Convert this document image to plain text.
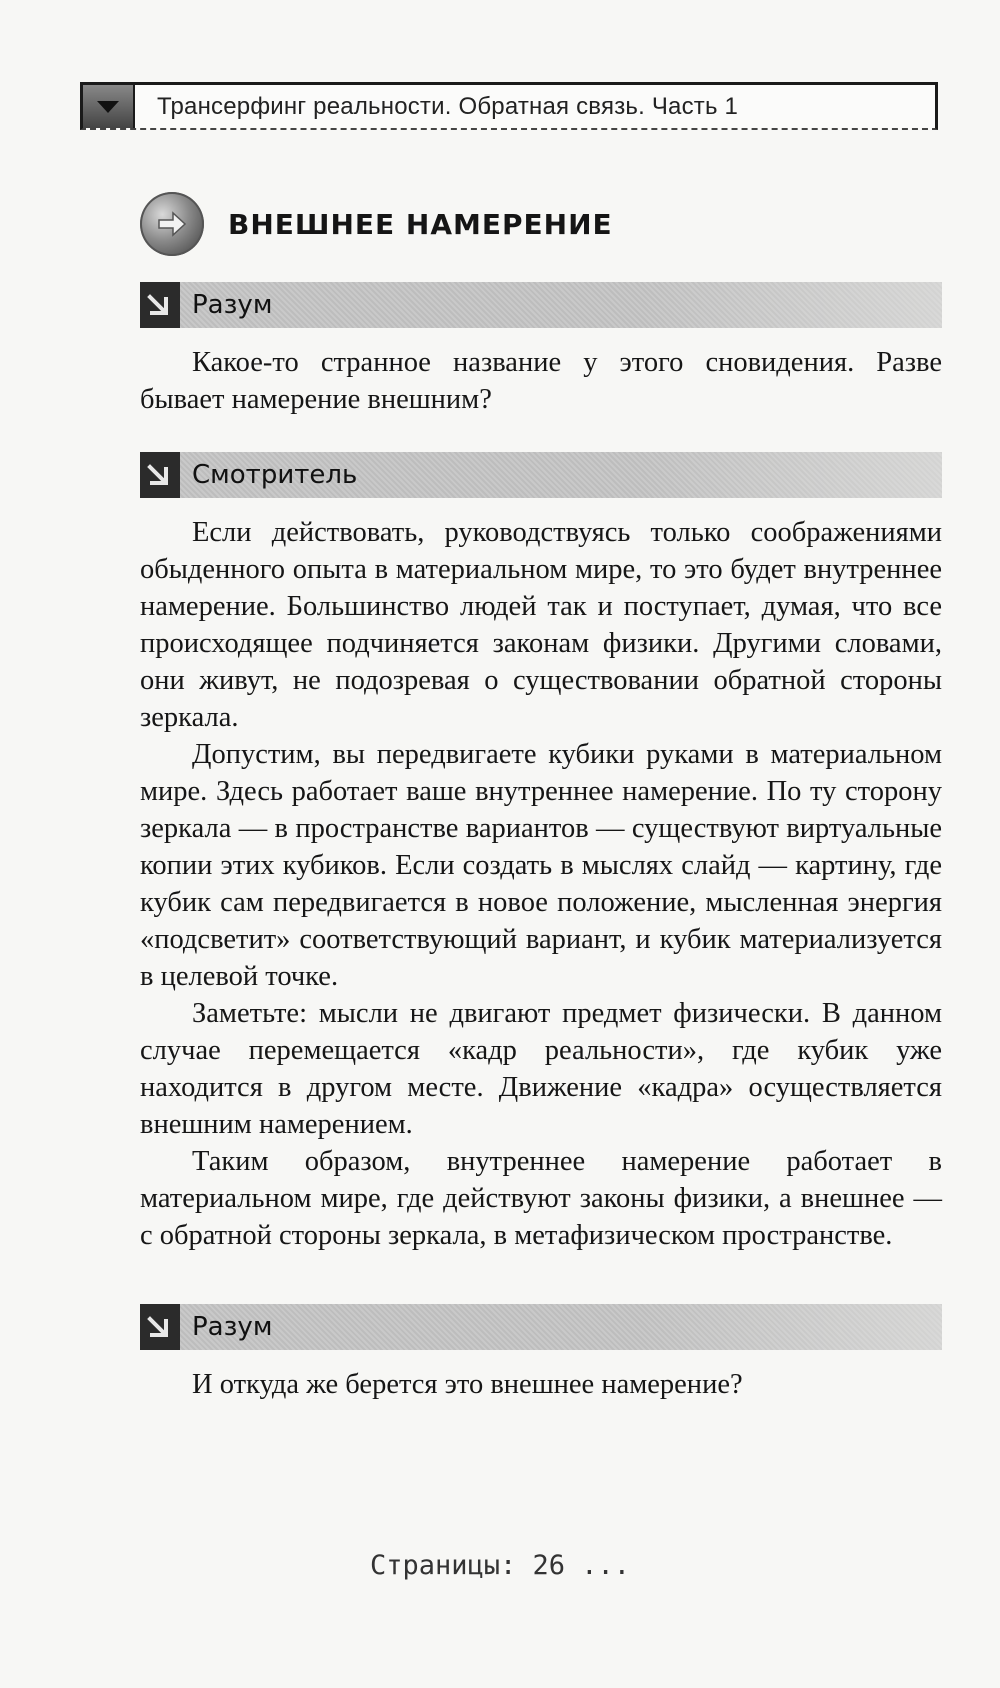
Трансерфинг реальности. Обратная связь. Часть 1
ВНЕШНЕЕ НАМЕРЕНИЕ
Разум

Какое-то странное название у этого сновидения. Разве бывает намерение внешним?

Смотритель

Если действовать, руководствуясь только соображениями обыденного опыта в материальном мире, то это будет внутреннее намерение. Большинство людей так и поступает, думая, что все происходящее подчиняется законам физики. Другими словами, они живут, не подозревая о существовании обратной стороны зеркала.

Допустим, вы передвигаете кубики руками в материальном мире. Здесь работает ваше внутреннее намерение. По ту сторону зеркала — в пространстве вариантов — существуют виртуальные копии этих кубиков. Если создать в мыслях слайд — картину, где кубик сам передвигается в новое положение, мысленная энергия «подсветит» соответствующий вариант, и кубик материализуется в целевой точке.

Заметьте: мысли не двигают предмет физически. В данном случае перемещается «кадр реальности», где кубик уже находится в другом месте. Движение «кадра» осуществляется внешним намерением.

Таким образом, внутреннее намерение работает в материальном мире, где действуют законы физики, а внешнее — с обратной стороны зеркала, в метафизическом пространстве.

Разум

И откуда же берется это внешнее намерение?

Страницы: 26 ...
